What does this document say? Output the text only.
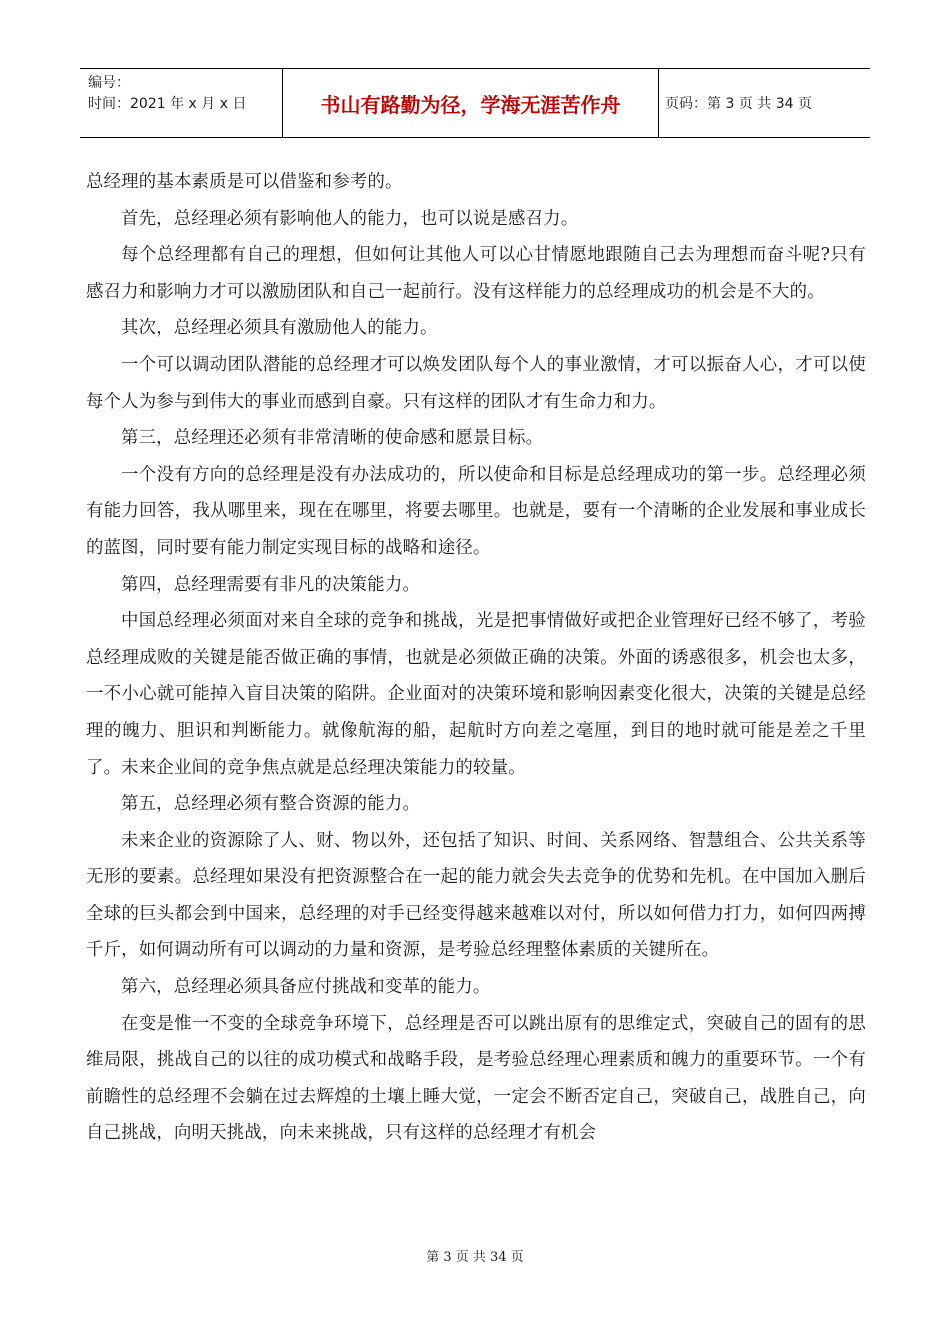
编号：
时间：2021 年 x 月 x 日	书山有路勤为径，学海无涯苦作舟	页码：第 3 页 共 34 页

总经理的基本素质是可以借鉴和参考的。

首先，总经理必须有影响他人的能力，也可以说是感召力。

每个总经理都有自己的理想，但如何让其他人可以心甘情愿地跟随自己去为理想而奋斗呢?只有感召力和影响力才可以激励团队和自己一起前行。没有这样能力的总经理成功的机会是不大的。

其次，总经理必须具有激励他人的能力。

一个可以调动团队潜能的总经理才可以焕发团队每个人的事业激情，才可以振奋人心，才可以使每个人为参与到伟大的事业而感到自豪。只有这样的团队才有生命力和力。

第三，总经理还必须有非常清晰的使命感和愿景目标。

一个没有方向的总经理是没有办法成功的，所以使命和目标是总经理成功的第一步。总经理必须有能力回答，我从哪里来，现在在哪里，将要去哪里。也就是，要有一个清晰的企业发展和事业成长的蓝图，同时要有能力制定实现目标的战略和途径。

第四，总经理需要有非凡的决策能力。

中国总经理必须面对来自全球的竞争和挑战，光是把事情做好或把企业管理好已经不够了，考验总经理成败的关键是能否做正确的事情，也就是必须做正确的决策。外面的诱惑很多，机会也太多，一不小心就可能掉入盲目决策的陷阱。企业面对的决策环境和影响因素变化很大，决策的关键是总经理的魄力、胆识和判断能力。就像航海的船，起航时方向差之毫厘，到目的地时就可能是差之千里了。未来企业间的竞争焦点就是总经理决策能力的较量。

第五，总经理必须有整合资源的能力。

未来企业的资源除了人、财、物以外，还包括了知识、时间、关系网络、智慧组合、公共关系等无形的要素。总经理如果没有把资源整合在一起的能力就会失去竞争的优势和先机。在中国加入删后全球的巨头都会到中国来，总经理的对手已经变得越来越难以对付，所以如何借力打力，如何四两搏千斤，如何调动所有可以调动的力量和资源，是考验总经理整体素质的关键所在。

第六，总经理必须具备应付挑战和变革的能力。

在变是惟一不变的全球竞争环境下，总经理是否可以跳出原有的思维定式，突破自己的固有的思维局限，挑战自己的以往的成功模式和战略手段，是考验总经理心理素质和魄力的重要环节。一个有前瞻性的总经理不会躺在过去辉煌的土壤上睡大觉，一定会不断否定自己，突破自己，战胜自己，向自己挑战，向明天挑战，向未来挑战，只有这样的总经理才有机会

第 3 页 共 34 页
